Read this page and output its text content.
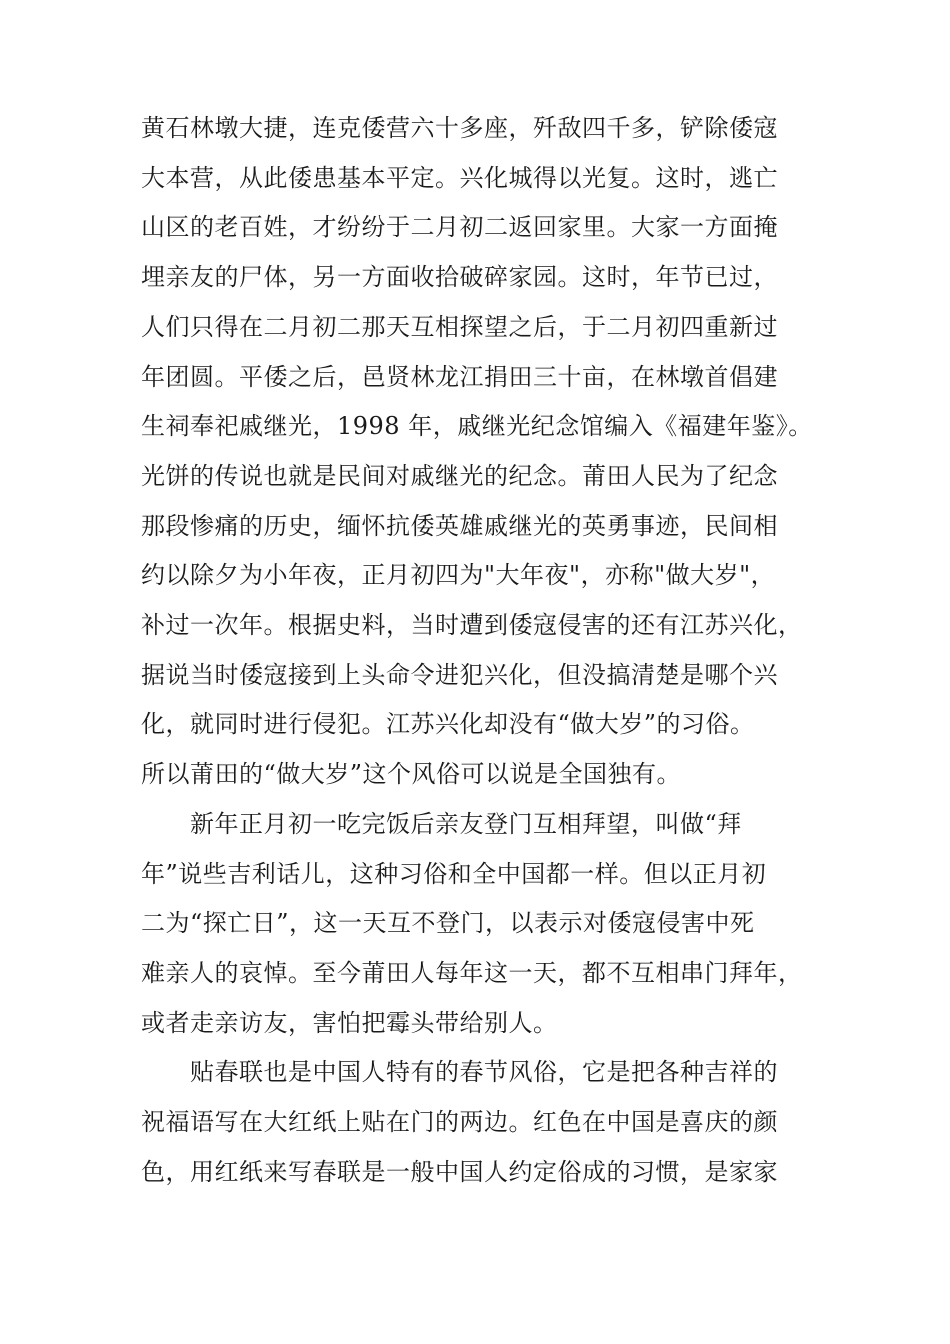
黄石林墩大捷，连克倭营六十多座，歼敌四千多，铲除倭寇
大本营，从此倭患基本平定。兴化城得以光复。这时，逃亡
山区的老百姓，才纷纷于二月初二返回家里。大家一方面掩
埋亲友的尸体，另一方面收拾破碎家园。这时，年节已过，
人们只得在二月初二那天互相探望之后，于二月初四重新过
年团圆。平倭之后，邑贤林龙江捐田三十亩，在林墩首倡建
生祠奉祀戚继光，1998 年，戚继光纪念馆编入《福建年鉴》。
光饼的传说也就是民间对戚继光的纪念。莆田人民为了纪念
那段惨痛的历史，缅怀抗倭英雄戚继光的英勇事迹，民间相
约以除夕为小年夜，正月初四为"大年夜"，亦称"做大岁"，
补过一次年。根据史料，当时遭到倭寇侵害的还有江苏兴化，
据说当时倭寇接到上头命令进犯兴化，但没搞清楚是哪个兴
化，就同时进行侵犯。江苏兴化却没有“做大岁”的习俗。
所以莆田的“做大岁”这个风俗可以说是全国独有。
新年正月初一吃完饭后亲友登门互相拜望，叫做“拜
年”说些吉利话儿，这种习俗和全中国都一样。但以正月初
二为“探亡日”，这一天互不登门，以表示对倭寇侵害中死
难亲人的哀悼。至今莆田人每年这一天，都不互相串门拜年，
或者走亲访友，害怕把霉头带给别人。
贴春联也是中国人特有的春节风俗，它是把各种吉祥的
祝福语写在大红纸上贴在门的两边。红色在中国是喜庆的颜
色，用红纸来写春联是一般中国人约定俗成的习惯，是家家
